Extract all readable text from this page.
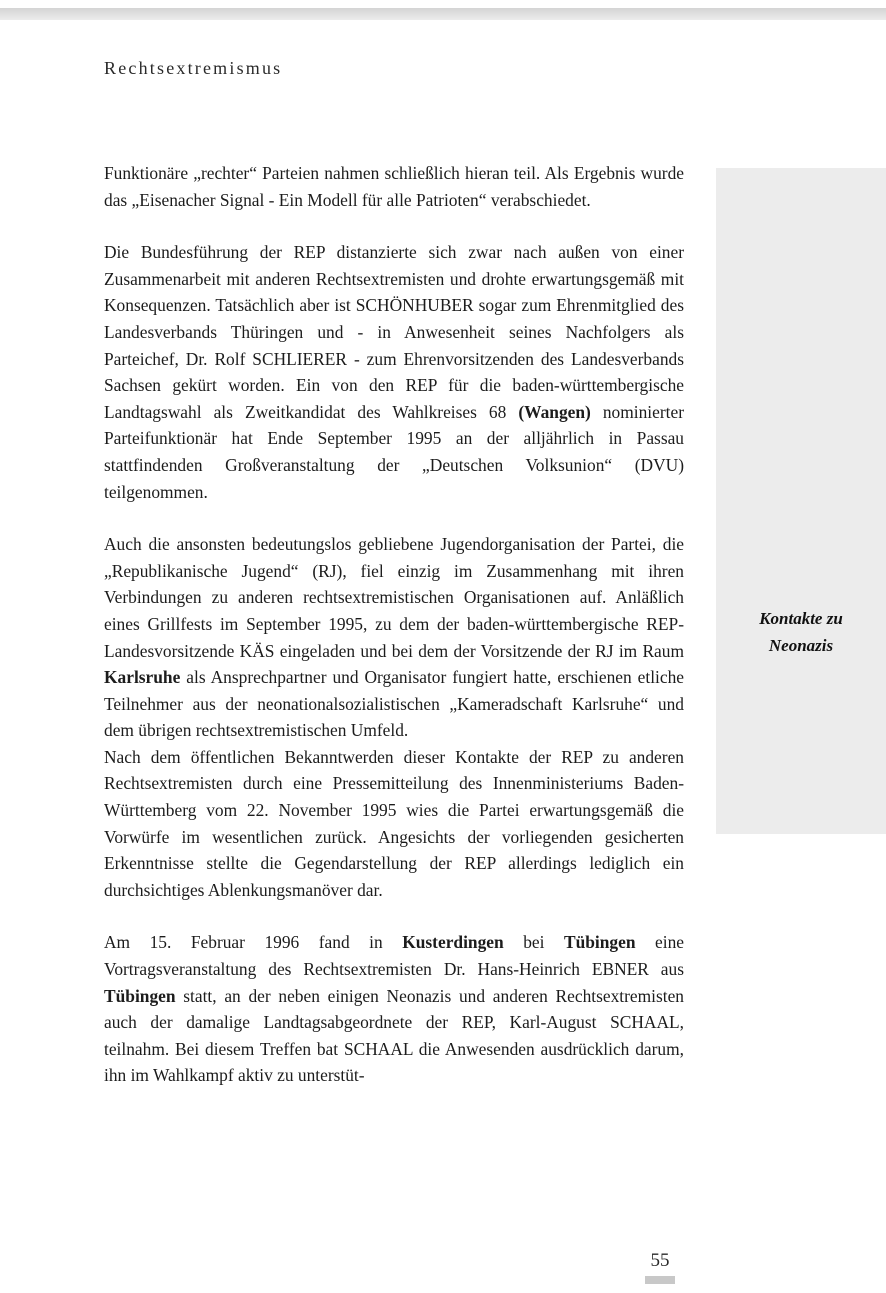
Rechtsextremismus
Kontakte zu
Neonazis

Funktionäre „rechter“ Parteien nahmen schließlich hieran teil. Als Ergebnis wurde das „Eisenacher Signal - Ein Modell für alle Patrioten“ verabschiedet.

Die Bundesführung der REP distanzierte sich zwar nach außen von einer Zusammenarbeit mit anderen Rechtsextremisten und drohte erwartungsgemäß mit Konsequenzen. Tatsächlich aber ist SCHÖNHUBER sogar zum Ehrenmitglied des Landesverbands Thüringen und - in Anwesenheit seines Nachfolgers als Parteichef, Dr. Rolf SCHLIERER - zum Ehrenvorsitzenden des Landesverbands Sachsen gekürt worden. Ein von den REP für die baden-württembergische Landtagswahl als Zweitkandidat des Wahlkreises 68 (Wangen) nominierter Parteifunktionär hat Ende September 1995 an der alljährlich in Passau stattfindenden Großveranstaltung der „Deutschen Volksunion“ (DVU) teilgenommen.

Auch die ansonsten bedeutungslos gebliebene Jugendorganisation der Partei, die „Republikanische Jugend“ (RJ), fiel einzig im Zusammenhang mit ihren Verbindungen zu anderen rechtsextremistischen Organisationen auf. Anläßlich eines Grillfests im September 1995, zu dem der baden-württembergische REP-Landesvorsitzende KÄS eingeladen und bei dem der Vorsitzende der RJ im Raum Karlsruhe als Ansprechpartner und Organisator fungiert hatte, erschienen etliche Teilnehmer aus der neonationalsozialistischen „Kameradschaft Karlsruhe“ und dem übrigen rechtsextremistischen Umfeld.

Nach dem öffentlichen Bekanntwerden dieser Kontakte der REP zu anderen Rechtsextremisten durch eine Pressemitteilung des Innenministeriums Baden-Württemberg vom 22. November 1995 wies die Partei erwartungsgemäß die Vorwürfe im wesentlichen zurück. Angesichts der vorliegenden gesicherten Erkenntnisse stellte die Gegendarstellung der REP allerdings lediglich ein durchsichtiges Ablenkungsmanöver dar.

Am 15. Februar 1996 fand in Kusterdingen bei Tübingen eine Vortragsveranstaltung des Rechtsextremisten Dr. Hans-Heinrich EBNER aus Tübingen statt, an der neben einigen Neonazis und anderen Rechtsextremisten auch der damalige Landtagsabgeordnete der REP, Karl-August SCHAAL, teilnahm. Bei diesem Treffen bat SCHAAL die Anwesenden ausdrücklich darum, ihn im Wahlkampf aktiv zu unterstüt-

55
